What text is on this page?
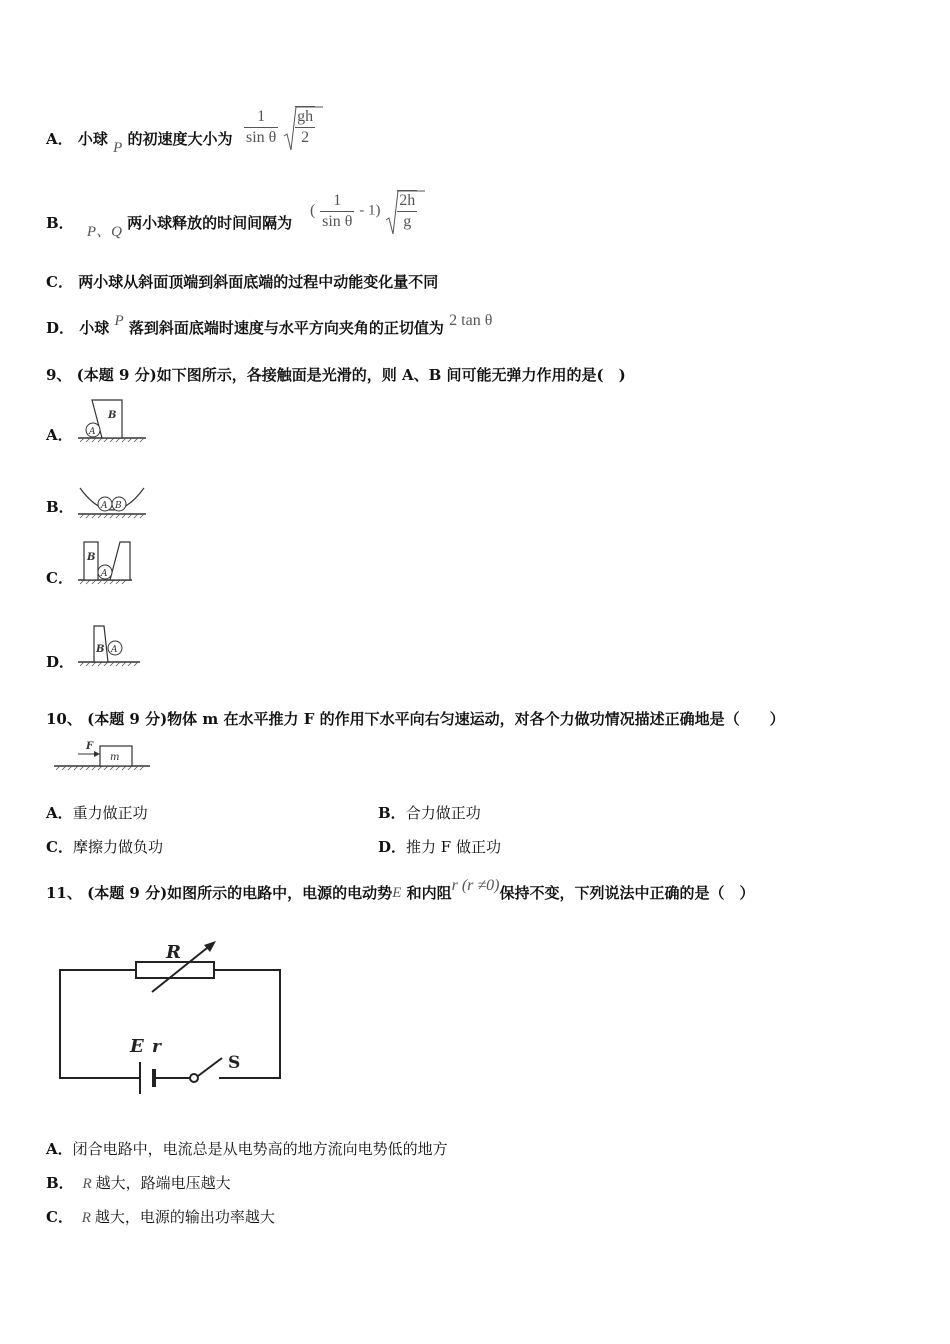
A． 小球 P 的初速度大小为 $\frac{1}{\text{sin θ}}$
$\frac{gh}{2}$
B． P、Q 两小球释放的时间间隔为
( $\frac{1}{\text{sin θ}} - 1) \frac{2h}{g}$
C． 两小球从斜面顶端到斜面底端的过程中动能变化量不同
D． 小球 P 落到斜面底端时速度与水平方向夹角的正切值为 2 tan θ
9、 (本题 9 分)如下图所示，各接触面是光滑的，则 A、B 间可能无弹力作用的是(　)
A．
B
A
B．	A B
C．
B
A
D．
B A
10、 (本题 9 分)物体 m 在水平推力 F 的作用下水平向右匀速运动，对各个力做功情况描述正确地是（　　）
m
F
A．重力做正功	B．合力做正功
C．摩擦力做负功	D．推力 F 做正功
11、 (本题 9 分)如图所示的电路中，电源的电动势E 和内阻r (r ≠0)保持不变，下列说法中正确的是（　）
R
E r
S
A．闭合电路中，电流总是从电势高的地方流向电势低的地方
B． R 越大，路端电压越大
C． R 越大，电源的输出功率越大
